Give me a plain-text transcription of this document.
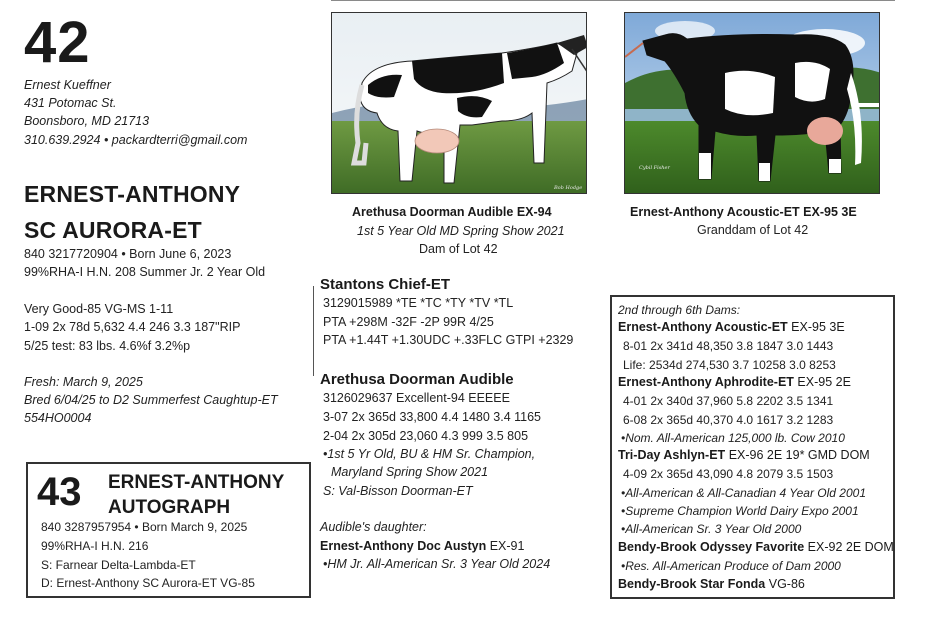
42
Ernest Kueffner
431 Potomac St.
Boonsboro, MD 21713
310.639.2924 • packardterri@gmail.com
ERNEST-ANTHONY
SC AURORA-ET
840 3217720904 • Born June 6, 2023
99%RHA-I H.N. 208 Summer Jr. 2 Year Old
Very Good-85 VG-MS 1-11
1-09 2x 78d 5,632 4.4 246 3.3 187"RIP
5/25 test: 83 lbs. 4.6%f 3.2%p
Fresh: March 9, 2025
Bred 6/04/25 to D2 Summerfest Caughtup-ET
554HO0004
Bob Hodge
Arethusa Doorman Audible EX-94
1st 5 Year Old MD Spring Show 2021
Dam of Lot 42
Cybil Fisher
Ernest-Anthony Acoustic-ET EX-95 3E
Granddam of Lot 42
Stantons Chief-ET
3129015989 *TE *TC *TY *TV *TL
PTA +298M -32F -2P 99R 4/25
PTA +1.44T +1.30UDC +.33FLC GTPI +2329
Arethusa Doorman Audible
3126029637 Excellent-94 EEEEE
3-07 2x 365d 33,800 4.4 1480 3.4 1165
2-04 2x 305d 23,060 4.3 999 3.5 805
•1st 5 Yr Old, BU & HM Sr. Champion,
Maryland Spring Show 2021
S: Val-Bisson Doorman-ET
Audible's daughter:
Ernest-Anthony Doc Austyn EX-91
•HM Jr. All-American Sr. 3 Year Old 2024
43 ERNEST-ANTHONY
AUTOGRAPH
840 3287957954 • Born March 9, 2025
99%RHA-I H.N. 216
S: Farnear Delta-Lambda-ET
D: Ernest-Anthony SC Aurora-ET VG-85
2nd through 6th Dams:
Ernest-Anthony Acoustic-ET EX-95 3E
8-01 2x 341d 48,350 3.8 1847 3.0 1443
Life: 2534d 274,530 3.7 10258 3.0 8253
Ernest-Anthony Aphrodite-ET EX-95 2E
4-01 2x 340d 37,960 5.8 2202 3.5 1341
6-08 2x 365d 40,370 4.0 1617 3.2 1283
•Nom. All-American 125,000 lb. Cow 2010
Tri-Day Ashlyn-ET EX-96 2E 19* GMD DOM
4-09 2x 365d 43,090 4.8 2079 3.5 1503
•All-American & All-Canadian 4 Year Old 2001
•Supreme Champion World Dairy Expo 2001
•All-American Sr. 3 Year Old 2000
Bendy-Brook Odyssey Favorite EX-92 2E DOM
•Res. All-American Produce of Dam 2000
Bendy-Brook Star Fonda VG-86
